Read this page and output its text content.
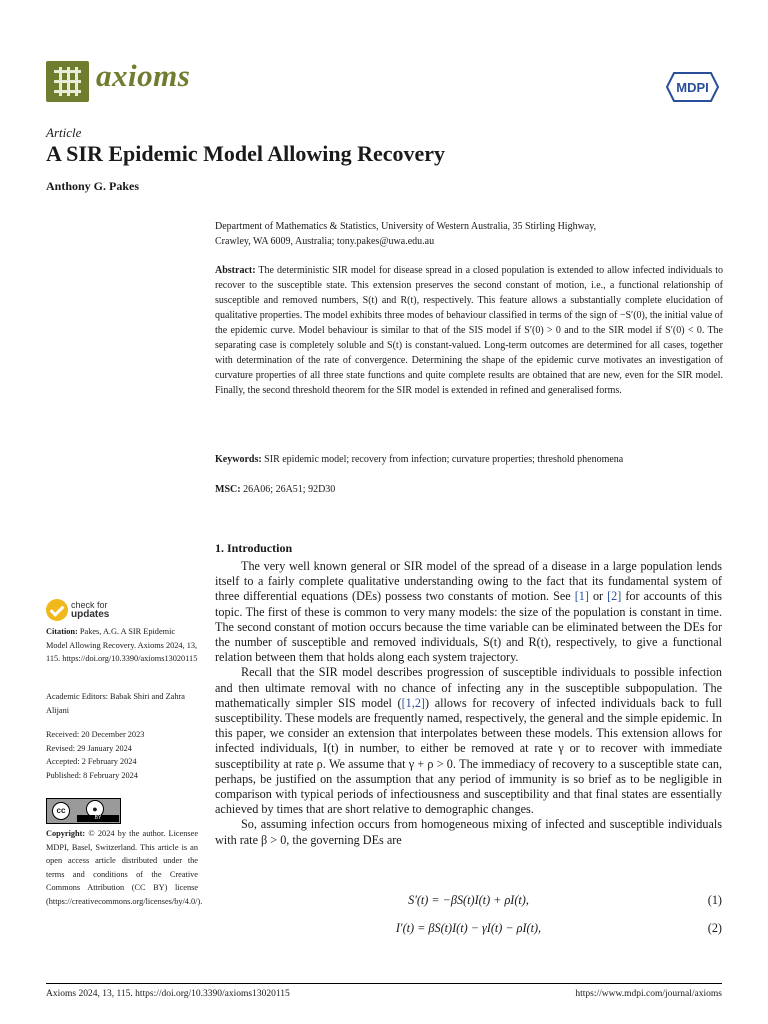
axioms	MDPI
Article
A SIR Epidemic Model Allowing Recovery
Anthony G. Pakes
Department of Mathematics & Statistics, University of Western Australia, 35 Stirling Highway,
Crawley, WA 6009, Australia; tony.pakes@uwa.edu.au
Abstract: The deterministic SIR model for disease spread in a closed population is extended to allow infected individuals to recover to the susceptible state. This extension preserves the second constant of motion, i.e., a functional relationship of susceptible and removed numbers, S(t) and R(t), respectively. This feature allows a substantially complete elucidation of qualitative properties. The model exhibits three modes of behaviour classified in terms of the sign of −S′(0), the initial value of the epidemic curve. Model behaviour is similar to that of the SIS model if S′(0) > 0 and to the SIR model if S′(0) < 0. The separating case is completely soluble and S(t) is constant-valued. Long-term outcomes are determined for all cases, together with determination of the rate of convergence. Determining the shape of the epidemic curve motivates an investigation of curvature properties of all three state functions and quite complete results are obtained that are new, even for the SIR model. Finally, the second threshold theorem for the SIR model is extended in refined and generalised forms.
Keywords: SIR epidemic model; recovery from infection; curvature properties; threshold phenomena
MSC: 26A06; 26A51; 92D30
check for
updates
Citation: Pakes, A.G. A SIR Epidemic Model Allowing Recovery. Axioms 2024, 13, 115. https://doi.org/10.3390/axioms13020115
Academic Editors: Babak Shiri and Zahra Alijani
Received: 20 December 2023
Revised: 29 January 2024
Accepted: 2 February 2024
Published: 8 February 2024
cc	●
BY
Copyright: © 2024 by the author. Licensee MDPI, Basel, Switzerland. This article is an open access article distributed under the terms and conditions of the Creative Commons Attribution (CC BY) license (https://creativecommons.org/licenses/by/4.0/).
1. Introduction

The very well known general or SIR model of the spread of a disease in a large population lends itself to a fairly complete qualitative understanding owing to the fact that its fundamental system of three differential equations (DEs) possess two constants of motion. See [1] or [2] for accounts of this topic. The first of these is common to very many models: the size of the population is constant in time. The second constant of motion occurs because the time variable can be eliminated between the DEs for the number of susceptible and removed individuals, S(t) and R(t), respectively, to give a functional relation between them that holds along each system trajectory.

Recall that the SIR model describes progression of susceptible individuals to possible infection and then ultimate removal with no chance of infecting any in the susceptible subpopulation. The mathematically simpler SIS model ([1,2]) allows for recovery of infected individuals back to full susceptibility. These models are frequently named, respectively, the general and the simple epidemic. In this paper, we consider an extension that interpolates between these models. This extension allows for infected individuals, I(t) in number, to either be removed at rate γ or to recover with immediate susceptibility at rate ρ. We assume that γ + ρ > 0. The immediacy of recovery to a susceptible state can, perhaps, be justified on the assumption that any period of immunity is so brief as to be negligible in comparison with typical periods of infectiousness and susceptibility and that final states are essentially achieved by times that are short relative to demographic changes.

So, assuming infection occurs from homogeneous mixing of infected and susceptible individuals with rate β > 0, the governing DEs are

S′(t) = −βS(t)I(t) + ρI(t),	(1)
I′(t) = βS(t)I(t) − γI(t) − ρI(t),	(2)
Axioms 2024, 13, 115. https://doi.org/10.3390/axioms13020115	https://www.mdpi.com/journal/axioms
